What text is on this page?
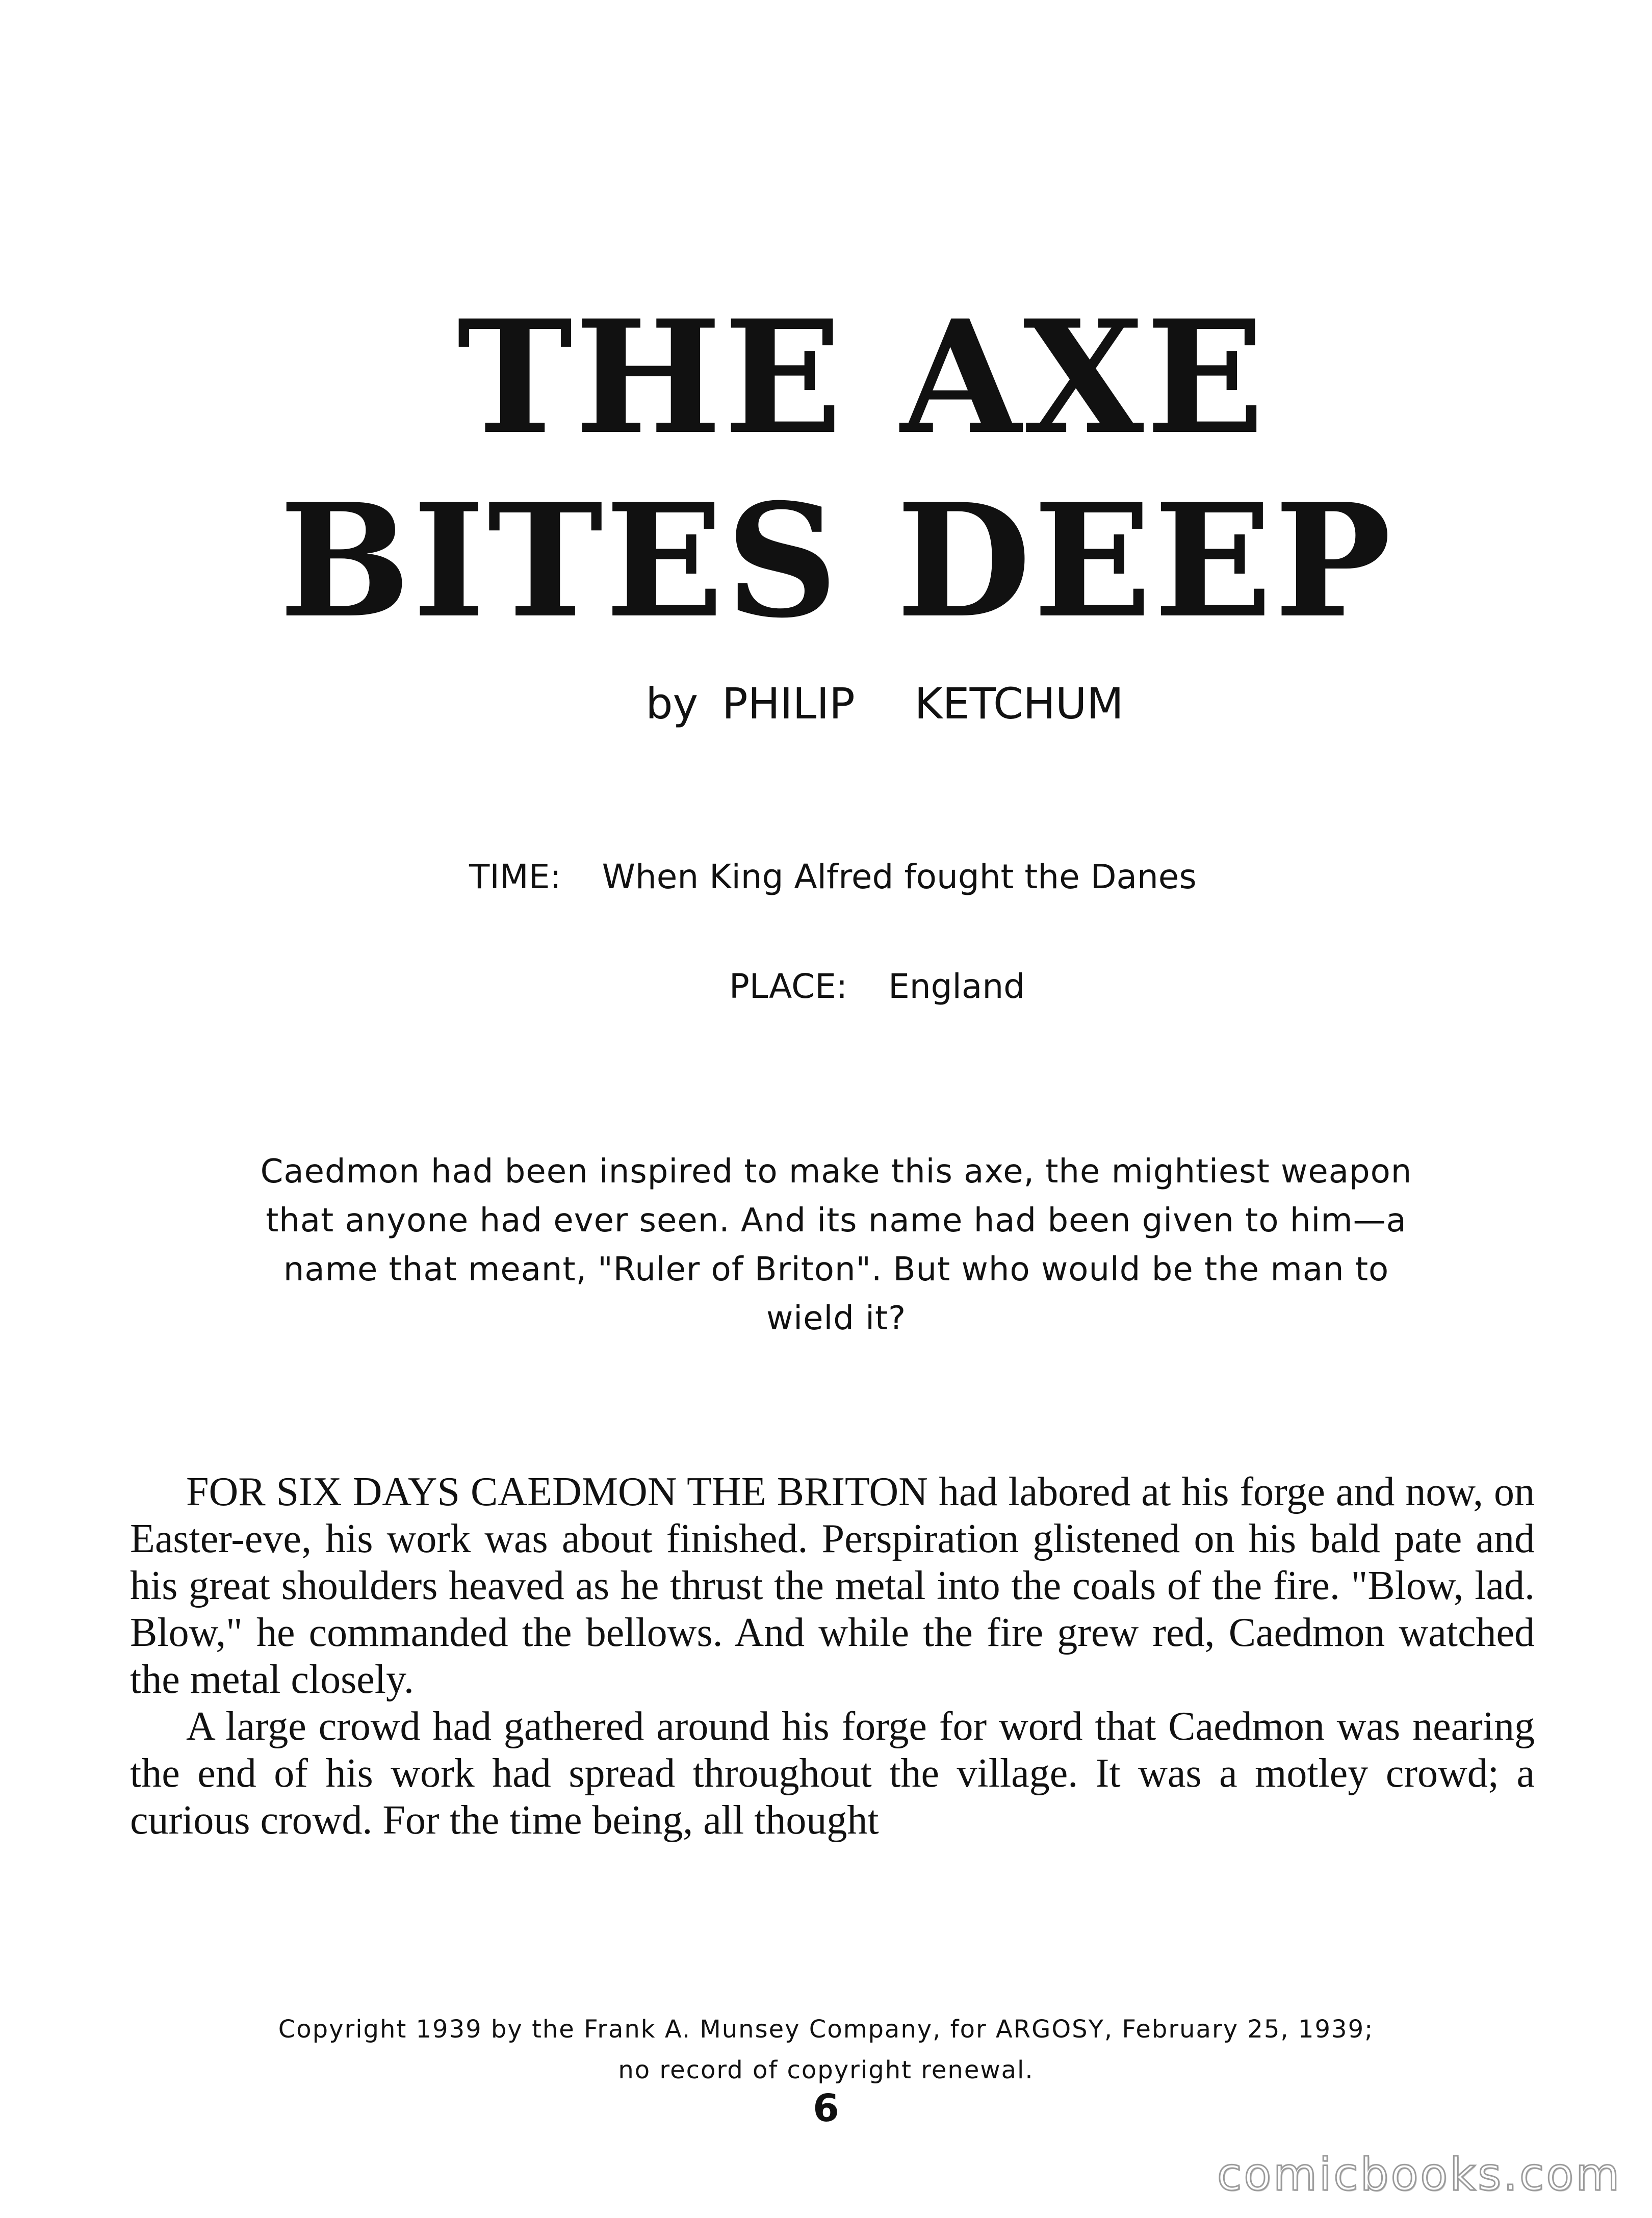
THE AXE
BITES DEEP
by PHILIP KETCHUM
TIME: When King Alfred fought the Danes
PLACE: England
Caedmon had been inspired to make this axe, the mightiest weapon that anyone had ever seen. And its name had been given to him—a name that meant, "Ruler of Briton". But who would be the man to wield it?

FOR SIX DAYS CAEDMON THE BRITON had labored at his forge and now, on Easter-eve, his work was about finished. Perspiration glistened on his bald pate and his great shoulders heaved as he thrust the metal into the coals of the fire. "Blow, lad. Blow," he commanded the bellows. And while the fire grew red, Caedmon watched the metal closely.

A large crowd had gathered around his forge for word that Caedmon was nearing the end of his work had spread throughout the village. It was a motley crowd; a curious crowd. For the time being, all thought

Copyright 1939 by the Frank A. Munsey Company, for ARGOSY, February 25, 1939;
no record of copyright renewal.
6
comicbooks.com
